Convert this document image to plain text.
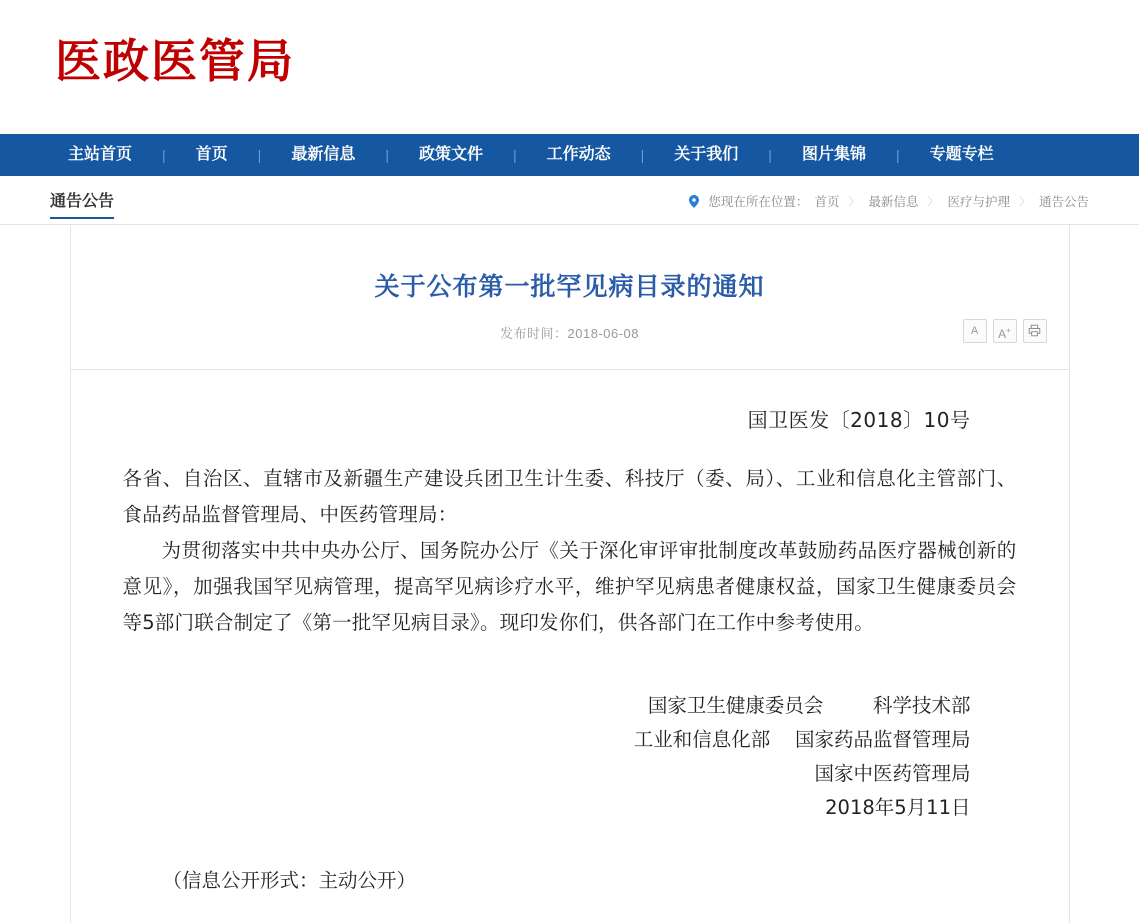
医政医管局
主站首页	|	首页	|	最新信息	|	政策文件	|	工作动态	|	关于我们	|	图片集锦	|	专题专栏
通告公告	您现在所在位置： 首页 〉 最新信息 〉 医疗与护理 〉 通告公告
关于公布第一批罕见病目录的通知
发布时间：2018-06-08	A	A+
国卫医发〔2018〕10号
各省、自治区、直辖市及新疆生产建设兵团卫生计生委、科技厅（委、局）、工业和信息化主管部门、食品药品监督管理局、中医药管理局：
为贯彻落实中共中央办公厅、国务院办公厅《关于深化审评审批制度改革鼓励药品医疗器械创新的意见》，加强我国罕见病管理，提高罕见病诊疗水平，维护罕见病患者健康权益，国家卫生健康委员会等5部门联合制定了《第一批罕见病目录》。现印发你们，供各部门在工作中参考使用。
国家卫生健康委员会        科学技术部
工业和信息化部    国家药品监督管理局
国家中医药管理局
2018年5月11日
（信息公开形式：主动公开）
